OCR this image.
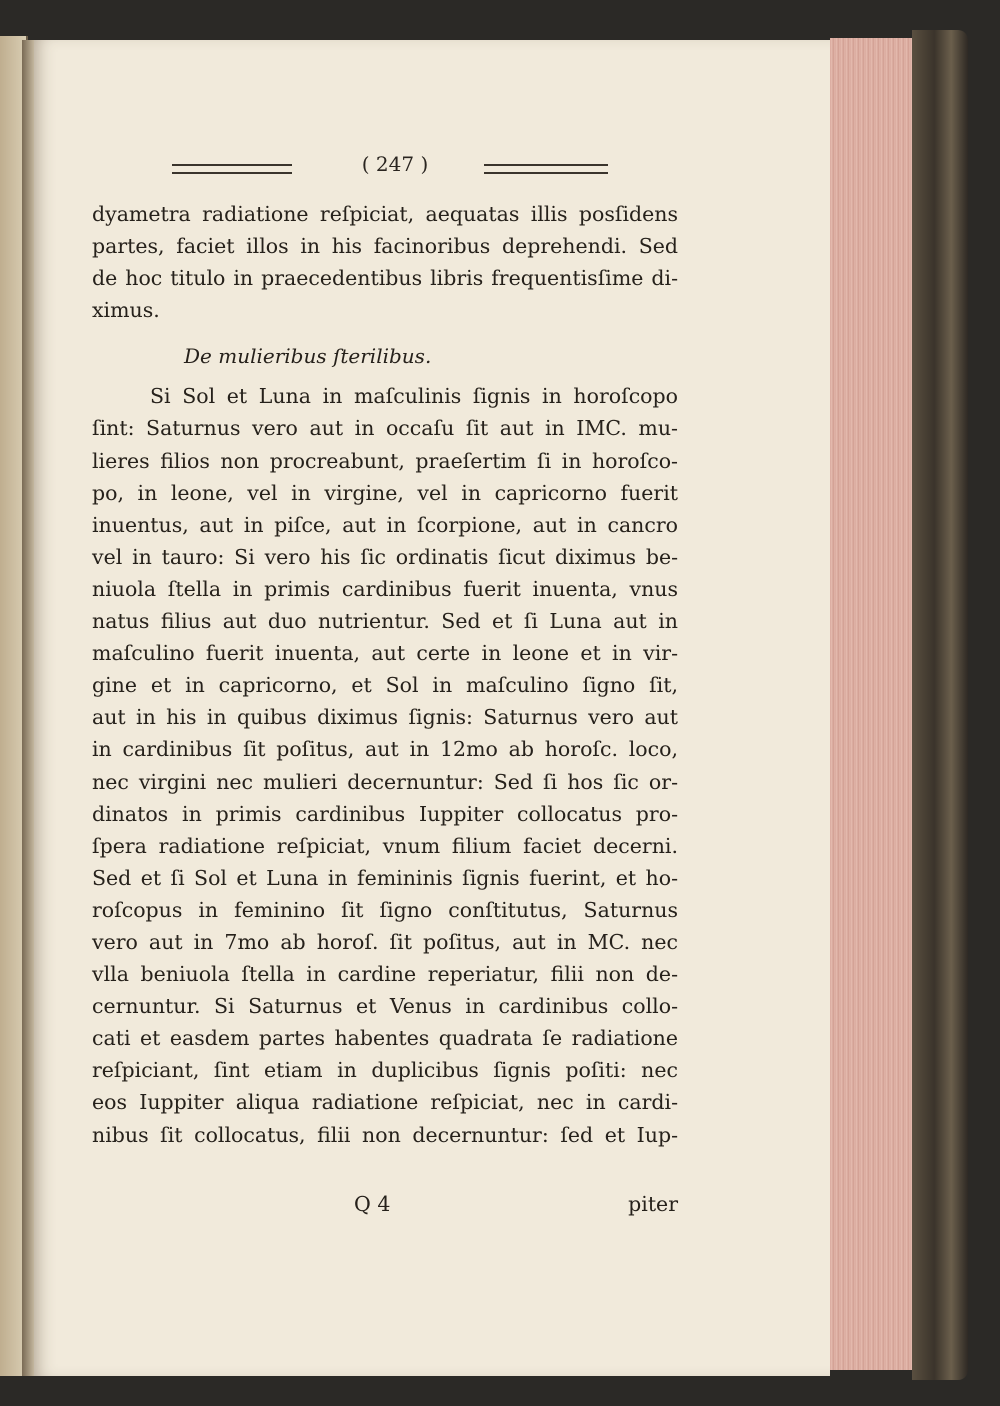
( 247 )
dyametra radiatione reſpiciat, aequatas illis posſidens
partes, faciet illos in his facinoribus deprehendi. Sed
de hoc titulo in praecedentibus libris frequentisſime di-
ximus.
De mulieribus ſterilibus.
Si Sol et Luna in maſculinis ſignis in horoſcopo
ſint: Saturnus vero aut in occaſu ſit aut in IMC. mu-
lieres filios non procreabunt, praeſertim ſi in horoſco-
po, in leone, vel in virgine, vel in capricorno fuerit
inuentus, aut in piſce, aut in ſcorpione, aut in cancro
vel in tauro: Si vero his ſic ordinatis ſicut diximus be-
niuola ſtella in primis cardinibus fuerit inuenta, vnus
natus filius aut duo nutrientur. Sed et ſi Luna aut in
maſculino fuerit inuenta, aut certe in leone et in vir-
gine et in capricorno, et Sol in maſculino ſigno ſit,
aut in his in quibus diximus ſignis: Saturnus vero aut
in cardinibus ſit poſitus, aut in 12mo ab horoſc. loco,
nec virgini nec mulieri decernuntur: Sed ſi hos ſic or-
dinatos in primis cardinibus Iuppiter collocatus pro-
ſpera radiatione reſpiciat, vnum filium faciet decerni.
Sed et ſi Sol et Luna in femininis ſignis fuerint, et ho-
roſcopus in feminino ſit ſigno conſtitutus, Saturnus
vero aut in 7mo ab horoſ. ſit poſitus, aut in MC. nec
vlla beniuola ſtella in cardine reperiatur, filii non de-
cernuntur. Si Saturnus et Venus in cardinibus collo-
cati et easdem partes habentes quadrata ſe radiatione
reſpiciant, ſint etiam in duplicibus ſignis poſiti: nec
eos Iuppiter aliqua radiatione reſpiciat, nec in cardi-
nibus ſit collocatus, filii non decernuntur: ſed et Iup-
Q 4	piter
